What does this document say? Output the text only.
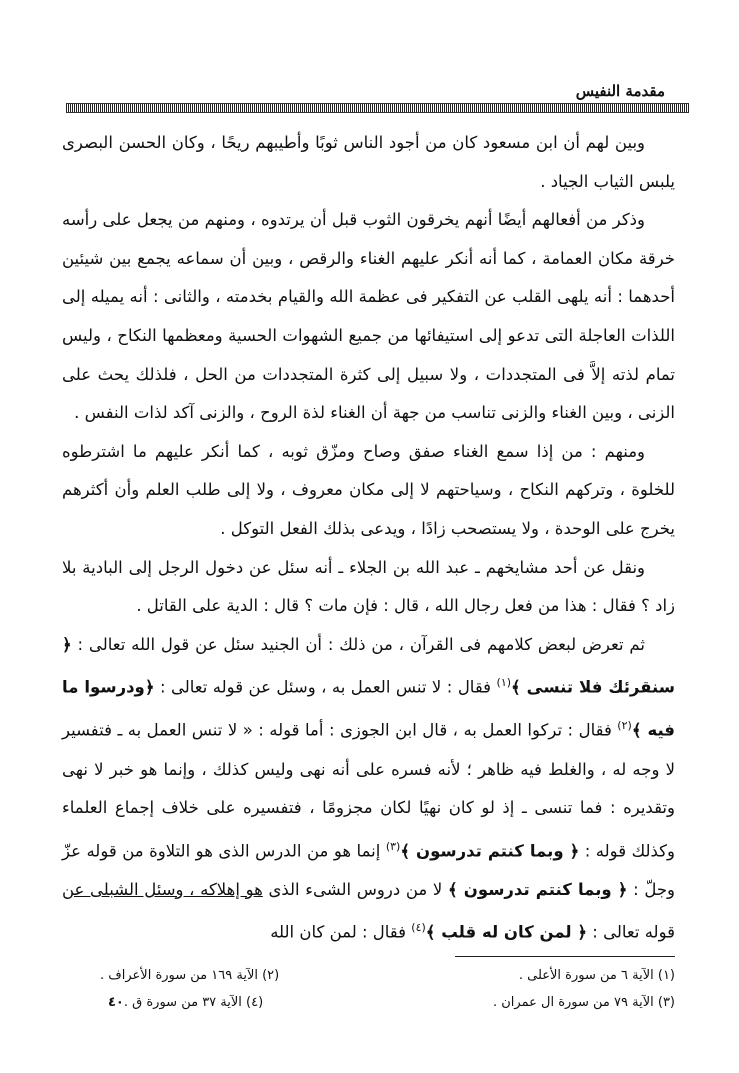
مقدمة النفيس

وبين لهم أن ابن مسعود كان من أجود الناس ثوبًا وأطيبهم ريحًا ، وكان الحسن البصرى يلبس الثياب الجياد .

وذكر من أفعالهم أيضًا أنهم يخرقون الثوب قبل أن يرتدوه ، ومنهم من يجعل على رأسه خرقة مكان العمامة ، كما أنه أنكر عليهم الغناء والرقص ، وبين أن سماعه يجمع بين شيئين أحدهما : أنه يلهى القلب عن التفكير فى عظمة الله والقيام بخدمته ، والثانى : أنه يميله إلى اللذات العاجلة التى تدعو إلى استيفائها من جميع الشهوات الحسية ومعظمها النكاح ، وليس تمام لذته إلاَّ فى المتجددات ، ولا سبيل إلى كثرة المتجددات من الحل ، فلذلك يحث على الزنى ، وبين الغناء والزنى تناسب من جهة أن الغناء لذة الروح ، والزنى آكد لذات النفس .

ومنهم : من إذا سمع الغناء صفق وصاح ومزّق ثوبه ، كما أنكر عليهم ما اشترطوه للخلوة ، وتركهم النكاح ، وسياحتهم لا إلى مكان معروف ، ولا إلى طلب العلم وأن أكثرهم يخرج على الوحدة ، ولا يستصحب زادًا ، ويدعى بذلك الفعل التوكل .

ونقل عن أحد مشايخهم ـ عبد الله بن الجلاء ـ أنه سئل عن دخول الرجل إلى البادية بلا زاد ؟ فقال : هذا من فعل رجال الله ، قال : فإن مات ؟ قال : الدية على القاتل .

ثم تعرض لبعض كلامهم فى القرآن ، من ذلك : أن الجنيد سئل عن قول الله تعالى : ﴿ سنقرئك فلا تنسى ﴾$^{(١)}$ فقال : لا تنس العمل به ، وسئل عن قوله تعالى : ﴿ودرسوا ما فيه ﴾$^{(٢)}$ فقال : تركوا العمل به ، قال ابن الجوزى : أما قوله : « لا تنس العمل به ـ فتفسير لا وجه له ، والغلط فيه ظاهر ؛ لأنه فسره على أنه نهى وليس كذلك ، وإنما هو خبر لا نهى وتقديره : فما تنسى ـ إذ لو كان نهيًا لكان مجزومًا ، فتفسيره على خلاف إجماع العلماء وكذلك قوله : ﴿ وبما كنتم تدرسون ﴾$^{(٣)}$ إنما هو من الدرس الذى هو التلاوة من قوله عزّ وجلّ : ﴿ وبما كنتم تدرسون ﴾ لا من دروس الشىء الذى هو إهلاكه ، وسئل الشبلى عن قوله تعالى : ﴿ لمن كان له قلب ﴾$^{(٤)}$ فقال : لمن كان الله

(١) الآية ٦ من سورة الأعلى .
(٢) الآية ١٦٩ من سورة الأعراف .
(٣) الآية ٧٩ من سورة ال عمران .
(٤) الآية ٣٧ من سورة ق .٤٠
